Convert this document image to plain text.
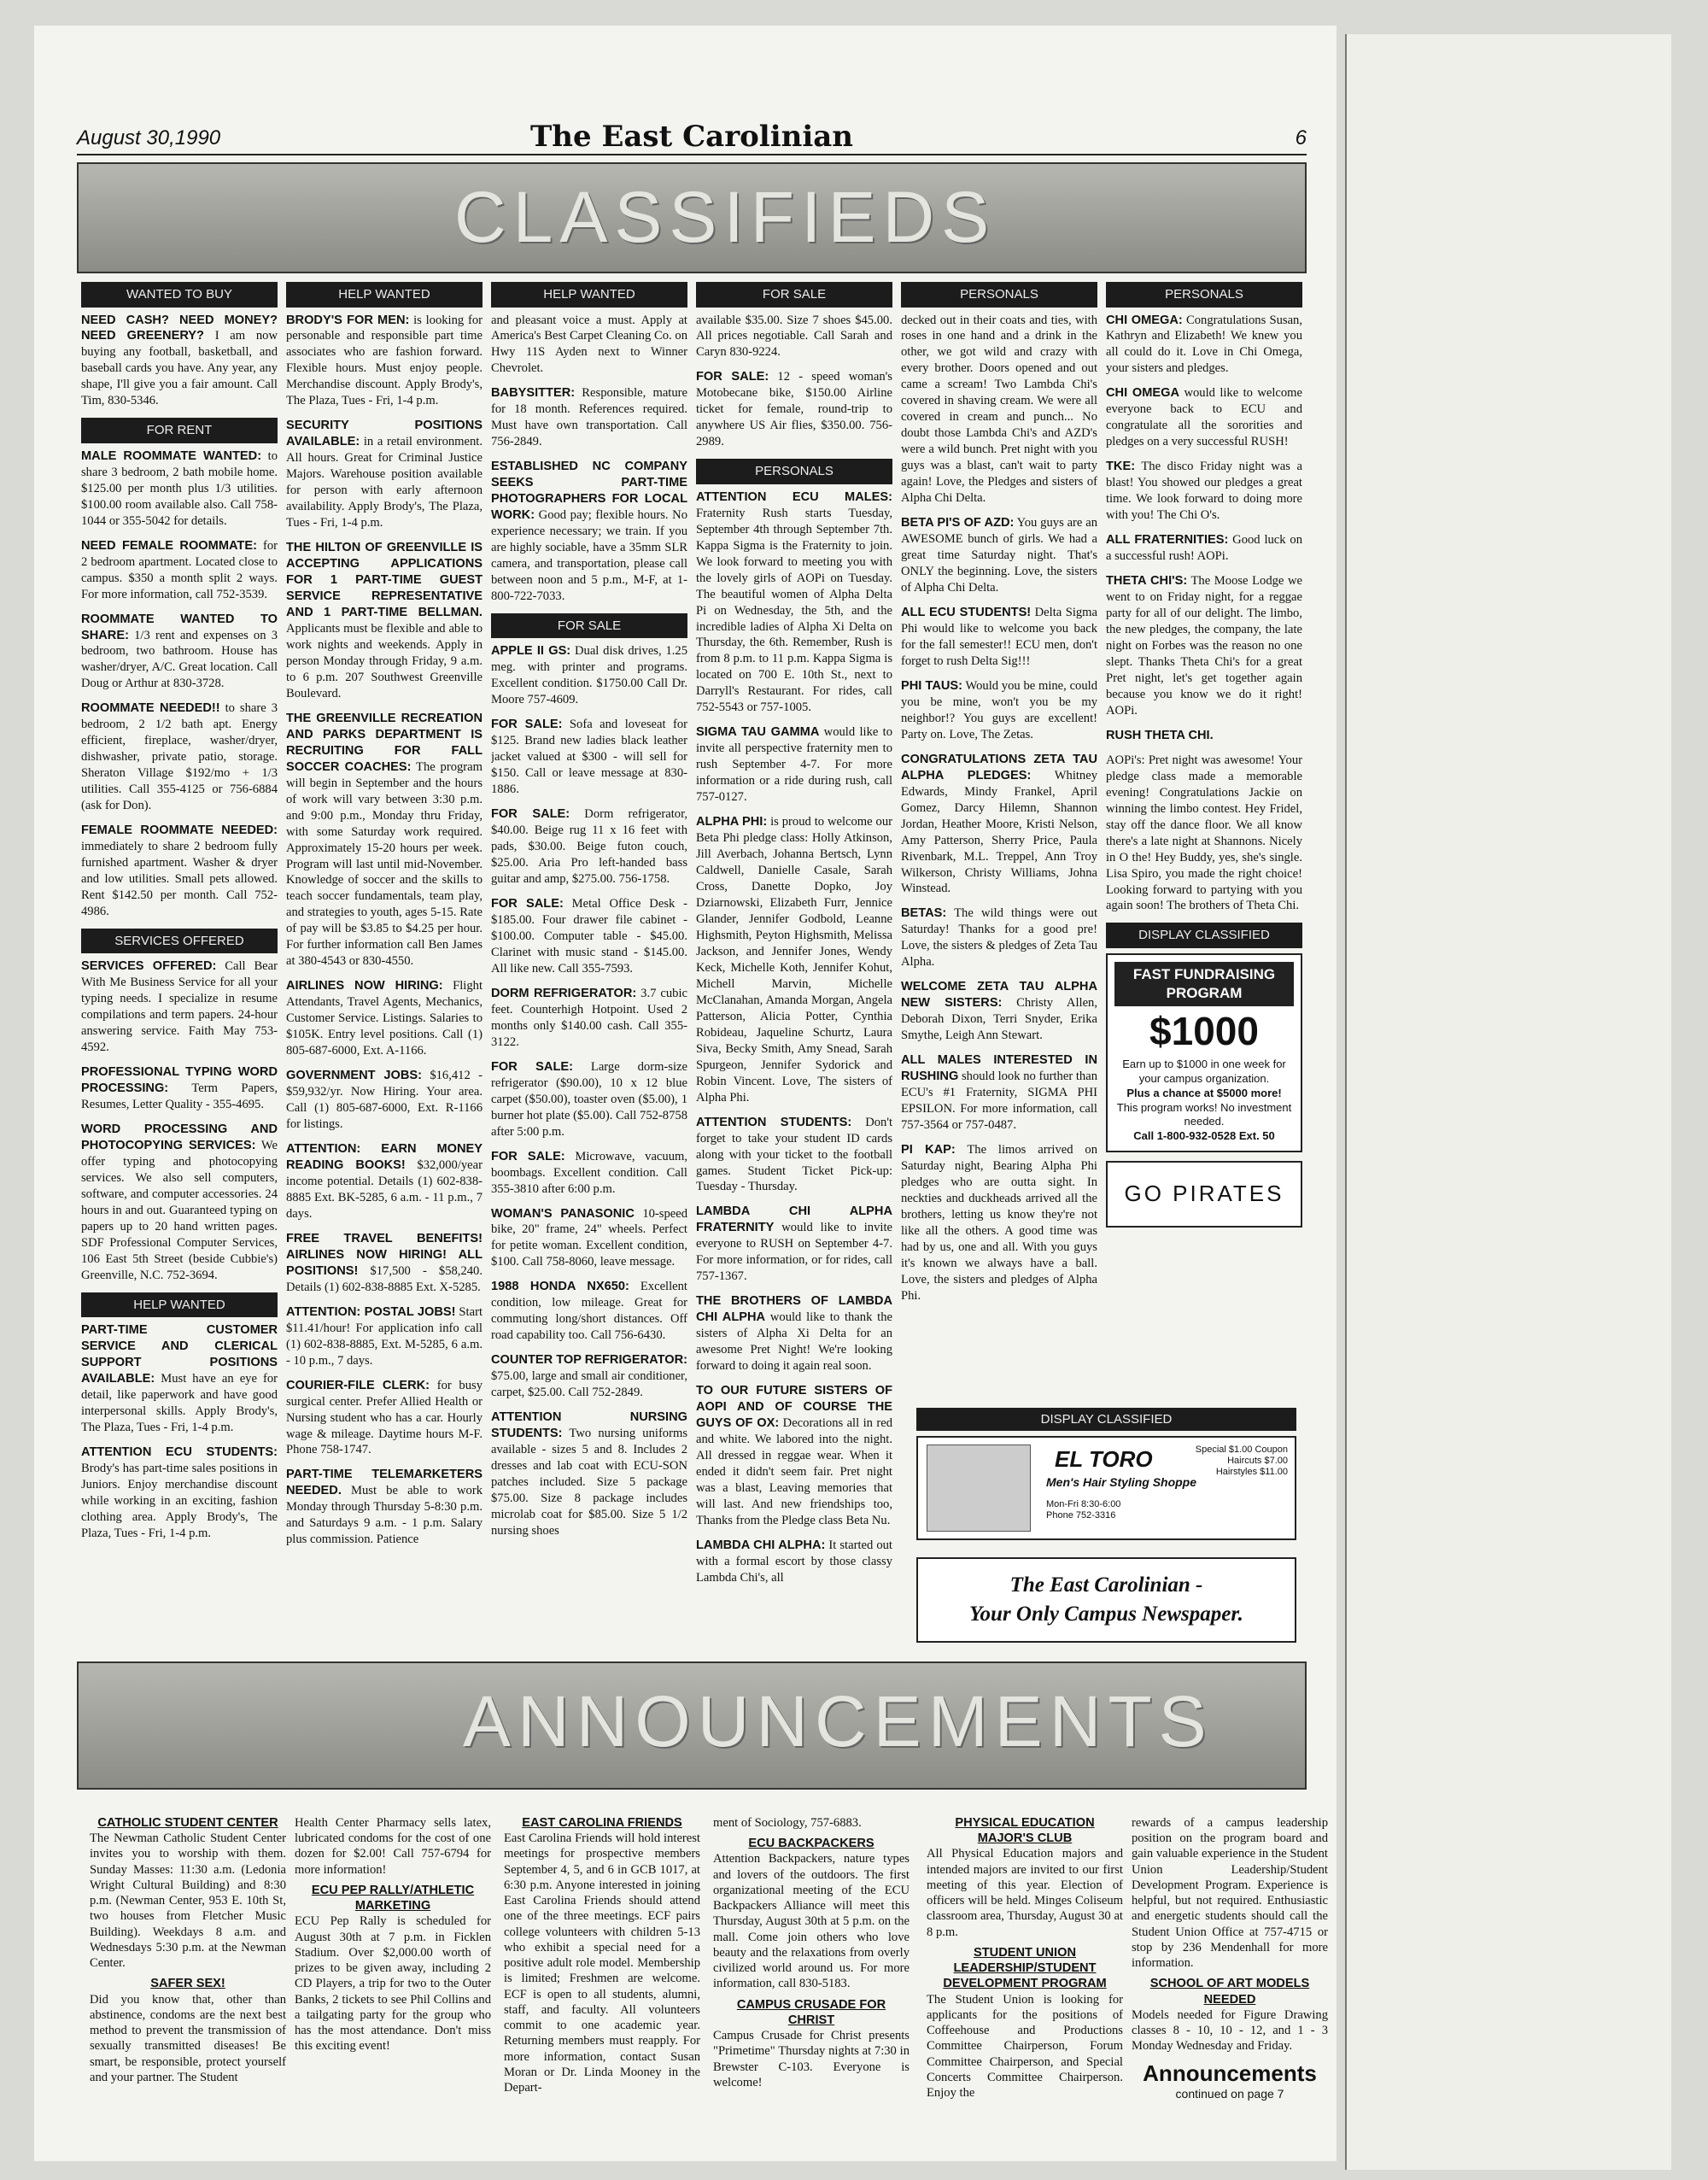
August 30,1990	The East Carolinian	6
CLASSIFIEDS
WANTED TO BUY

NEED CASH? NEED MONEY? NEED GREENERY? I am now buying any football, basketball, and baseball cards you have. Any year, any shape, I'll give you a fair amount. Call Tim, 830-5346.

FOR RENT

MALE ROOMMATE WANTED: to share 3 bedroom, 2 bath mobile home. $125.00 per month plus 1/3 utilities. $100.00 room available also. Call 758-1044 or 355-5042 for details.

NEED FEMALE ROOMMATE: for 2 bedroom apartment. Located close to campus. $350 a month split 2 ways. For more information, call 752-3539.

ROOMMATE WANTED TO SHARE: 1/3 rent and expenses on 3 bedroom, two bathroom. House has washer/dryer, A/C. Great location. Call Doug or Arthur at 830-3728.

ROOMMATE NEEDED!! to share 3 bedroom, 2 1/2 bath apt. Energy efficient, fireplace, washer/dryer, dishwasher, private patio, storage. Sheraton Village $192/mo + 1/3 utilities. Call 355-4125 or 756-6884 (ask for Don).

FEMALE ROOMMATE NEEDED: immediately to share 2 bedroom fully furnished apartment. Washer & dryer and low utilities. Small pets allowed. Rent $142.50 per month. Call 752-4986.

SERVICES OFFERED

SERVICES OFFERED: Call Bear With Me Business Service for all your typing needs. I specialize in resume compilations and term papers. 24-hour answering service. Faith May 753-4592.

PROFESSIONAL TYPING WORD PROCESSING: Term Papers, Resumes, Letter Quality - 355-4695.

WORD PROCESSING AND PHOTOCOPYING SERVICES: We offer typing and photocopying services. We also sell computers, software, and computer accessories. 24 hours in and out. Guaranteed typing on papers up to 20 hand written pages. SDF Professional Computer Services, 106 East 5th Street (beside Cubbie's) Greenville, N.C. 752-3694.

HELP WANTED

PART-TIME CUSTOMER SERVICE AND CLERICAL SUPPORT POSITIONS AVAILABLE: Must have an eye for detail, like paperwork and have good interpersonal skills. Apply Brody's, The Plaza, Tues - Fri, 1-4 p.m.

ATTENTION ECU STUDENTS: Brody's has part-time sales positions in Juniors. Enjoy merchandise discount while working in an exciting, fashion clothing area. Apply Brody's, The Plaza, Tues - Fri, 1-4 p.m.

HELP WANTED

BRODY'S FOR MEN: is looking for personable and responsible part time associates who are fashion forward. Flexible hours. Must enjoy people. Merchandise discount. Apply Brody's, The Plaza, Tues - Fri, 1-4 p.m.

SECURITY POSITIONS AVAILABLE: in a retail environment. All hours. Great for Criminal Justice Majors. Warehouse position available for person with early afternoon availability. Apply Brody's, The Plaza, Tues - Fri, 1-4 p.m.

THE HILTON OF GREENVILLE IS ACCEPTING APPLICATIONS FOR 1 PART-TIME GUEST SERVICE REPRESENTATIVE AND 1 PART-TIME BELLMAN. Applicants must be flexible and able to work nights and weekends. Apply in person Monday through Friday, 9 a.m. to 6 p.m. 207 Southwest Greenville Boulevard.

THE GREENVILLE RECREATION AND PARKS DEPARTMENT IS RECRUITING FOR FALL SOCCER COACHES: The program will begin in September and the hours of work will vary between 3:30 p.m. and 9:00 p.m., Monday thru Friday, with some Saturday work required. Approximately 15-20 hours per week. Program will last until mid-November. Knowledge of soccer and the skills to teach soccer fundamentals, team play, and strategies to youth, ages 5-15. Rate of pay will be $3.85 to $4.25 per hour. For further information call Ben James at 380-4543 or 830-4550.

AIRLINES NOW HIRING: Flight Attendants, Travel Agents, Mechanics, Customer Service. Listings. Salaries to $105K. Entry level positions. Call (1) 805-687-6000, Ext. A-1166.

GOVERNMENT JOBS: $16,412 - $59,932/yr. Now Hiring. Your area. Call (1) 805-687-6000, Ext. R-1166 for listings.

ATTENTION: EARN MONEY READING BOOKS! $32,000/year income potential. Details (1) 602-838-8885 Ext. BK-5285, 6 a.m. - 11 p.m., 7 days.

FREE TRAVEL BENEFITS! AIRLINES NOW HIRING! ALL POSITIONS! $17,500 - $58,240. Details (1) 602-838-8885 Ext. X-5285.

ATTENTION: POSTAL JOBS! Start $11.41/hour! For application info call (1) 602-838-8885, Ext. M-5285, 6 a.m. - 10 p.m., 7 days.

COURIER-FILE CLERK: for busy surgical center. Prefer Allied Health or Nursing student who has a car. Hourly wage & mileage. Daytime hours M-F. Phone 758-1747.

PART-TIME TELEMARKETERS NEEDED. Must be able to work Monday through Thursday 5-8:30 p.m. and Saturdays 9 a.m. - 1 p.m. Salary plus commission. Patience

HELP WANTED

and pleasant voice a must. Apply at America's Best Carpet Cleaning Co. on Hwy 11S Ayden next to Winner Chevrolet.

BABYSITTER: Responsible, mature for 18 month. References required. Must have own transportation. Call 756-2849.

ESTABLISHED NC COMPANY SEEKS PART-TIME PHOTOGRAPHERS FOR LOCAL WORK: Good pay; flexible hours. No experience necessary; we train. If you are highly sociable, have a 35mm SLR camera, and transportation, please call between noon and 5 p.m., M-F, at 1-800-722-7033.

FOR SALE

APPLE II GS: Dual disk drives, 1.25 meg. with printer and programs. Excellent condition. $1750.00 Call Dr. Moore 757-4609.

FOR SALE: Sofa and loveseat for $125. Brand new ladies black leather jacket valued at $300 - will sell for $150. Call or leave message at 830-1886.

FOR SALE: Dorm refrigerator, $40.00. Beige rug 11 x 16 feet with pads, $30.00. Beige futon couch, $25.00. Aria Pro left-handed bass guitar and amp, $275.00. 756-1758.

FOR SALE: Metal Office Desk - $185.00. Four drawer file cabinet - $100.00. Computer table - $45.00. Clarinet with music stand - $145.00. All like new. Call 355-7593.

DORM REFRIGERATOR: 3.7 cubic feet. Counterhigh Hotpoint. Used 2 months only $140.00 cash. Call 355-3122.

FOR SALE: Large dorm-size refrigerator ($90.00), 10 x 12 blue carpet ($50.00), toaster oven ($5.00), 1 burner hot plate ($5.00). Call 752-8758 after 5:00 p.m.

FOR SALE: Microwave, vacuum, boombags. Excellent condition. Call 355-3810 after 6:00 p.m.

WOMAN'S PANASONIC 10-speed bike, 20" frame, 24" wheels. Perfect for petite woman. Excellent condition, $100. Call 758-8060, leave message.

1988 HONDA NX650: Excellent condition, low mileage. Great for commuting long/short distances. Off road capability too. Call 756-6430.

COUNTER TOP REFRIGERATOR: $75.00, large and small air conditioner, carpet, $25.00. Call 752-2849.

ATTENTION NURSING STUDENTS: Two nursing uniforms available - sizes 5 and 8. Includes 2 dresses and lab coat with ECU-SON patches included. Size 5 package $75.00. Size 8 package includes microlab coat for $85.00. Size 5 1/2 nursing shoes

FOR SALE

available $35.00. Size 7 shoes $45.00. All prices negotiable. Call Sarah and Caryn 830-9224.

FOR SALE: 12 - speed woman's Motobecane bike, $150.00 Airline ticket for female, round-trip to anywhere US Air flies, $350.00. 756-2989.

PERSONALS

ATTENTION ECU MALES: Fraternity Rush starts Tuesday, September 4th through September 7th. Kappa Sigma is the Fraternity to join. We look forward to meeting you with the lovely girls of AOPi on Tuesday. The beautiful women of Alpha Delta Pi on Wednesday, the 5th, and the incredible ladies of Alpha Xi Delta on Thursday, the 6th. Remember, Rush is from 8 p.m. to 11 p.m. Kappa Sigma is located on 700 E. 10th St., next to Darryll's Restaurant. For rides, call 752-5543 or 757-1005.

SIGMA TAU GAMMA would like to invite all perspective fraternity men to rush September 4-7. For more information or a ride during rush, call 757-0127.

ALPHA PHI: is proud to welcome our Beta Phi pledge class: Holly Atkinson, Jill Averbach, Johanna Bertsch, Lynn Caldwell, Danielle Casale, Sarah Cross, Danette Dopko, Joy Dziarnowski, Elizabeth Furr, Jennice Glander, Jennifer Godbold, Leanne Highsmith, Peyton Highsmith, Melissa Jackson, and Jennifer Jones, Wendy Keck, Michelle Koth, Jennifer Kohut, Michell Marvin, Michelle McClanahan, Amanda Morgan, Angela Patterson, Alicia Potter, Cynthia Robideau, Jaqueline Schurtz, Laura Siva, Becky Smith, Amy Snead, Sarah Spurgeon, Jennifer Sydorick and Robin Vincent. Love, The sisters of Alpha Phi.

ATTENTION STUDENTS: Don't forget to take your student ID cards along with your ticket to the football games. Student Ticket Pick-up: Tuesday - Thursday.

LAMBDA CHI ALPHA FRATERNITY would like to invite everyone to RUSH on September 4-7. For more information, or for rides, call 757-1367.

THE BROTHERS OF LAMBDA CHI ALPHA would like to thank the sisters of Alpha Xi Delta for an awesome Pret Night! We're looking forward to doing it again real soon.

TO OUR FUTURE SISTERS OF AOPI AND OF COURSE THE GUYS OF OX: Decorations all in red and white. We labored into the night. All dressed in reggae wear. When it ended it didn't seem fair. Pret night was a blast, Leaving memories that will last. And new friendships too, Thanks from the Pledge class Beta Nu.

LAMBDA CHI ALPHA: It started out with a formal escort by those classy Lambda Chi's, all

PERSONALS

decked out in their coats and ties, with roses in one hand and a drink in the other, we got wild and crazy with every brother. Doors opened and out came a scream! Two Lambda Chi's covered in shaving cream. We were all covered in cream and punch... No doubt those Lambda Chi's and AZD's were a wild bunch. Pret night with you guys was a blast, can't wait to party again! Love, the Pledges and sisters of Alpha Chi Delta.

BETA PI'S OF AZD: You guys are an AWESOME bunch of girls. We had a great time Saturday night. That's ONLY the beginning. Love, the sisters of Alpha Chi Delta.

ALL ECU STUDENTS! Delta Sigma Phi would like to welcome you back for the fall semester!! ECU men, don't forget to rush Delta Sig!!!

PHI TAUS: Would you be mine, could you be mine, won't you be my neighbor!? You guys are excellent! Party on. Love, The Zetas.

CONGRATULATIONS ZETA TAU ALPHA PLEDGES: Whitney Edwards, Mindy Frankel, April Gomez, Darcy Hilemn, Shannon Jordan, Heather Moore, Kristi Nelson, Amy Patterson, Sherry Price, Paula Rivenbark, M.L. Treppel, Ann Troy Wilkerson, Christy Williams, Johna Winstead.

BETAS: The wild things were out Saturday! Thanks for a good pre! Love, the sisters & pledges of Zeta Tau Alpha.

WELCOME ZETA TAU ALPHA NEW SISTERS: Christy Allen, Deborah Dixon, Terri Snyder, Erika Smythe, Leigh Ann Stewart.

ALL MALES INTERESTED IN RUSHING should look no further than ECU's #1 Fraternity, SIGMA PHI EPSILON. For more information, call 757-3564 or 757-0487.

PI KAP: The limos arrived on Saturday night, Bearing Alpha Phi pledges who are outta sight. In neckties and duckheads arrived all the brothers, letting us know they're not like all the others. A good time was had by us, one and all. With you guys it's known we always have a ball. Love, the sisters and pledges of Alpha Phi.

PERSONALS

CHI OMEGA: Congratulations Susan, Kathryn and Elizabeth! We knew you all could do it. Love in Chi Omega, your sisters and pledges.

CHI OMEGA would like to welcome everyone back to ECU and congratulate all the sororities and pledges on a very successful RUSH!

TKE: The disco Friday night was a blast! You showed our pledges a great time. We look forward to doing more with you! The Chi O's.

ALL FRATERNITIES: Good luck on a successful rush! AOPi.

THETA CHI'S: The Moose Lodge we went to on Friday night, for a reggae party for all of our delight. The limbo, the new pledges, the company, the late night on Forbes was the reason no one slept. Thanks Theta Chi's for a great Pret night, let's get together again because you know we do it right! AOPi.

RUSH THETA CHI.

AOPi's: Pret night was awesome! Your pledge class made a memorable evening! Congratulations Jackie on winning the limbo contest. Hey Fridel, stay off the dance floor. We all know there's a late night at Shannons. Nicely in O the! Hey Buddy, yes, she's single. Lisa Spiro, you made the right choice! Looking forward to partying with you again soon! The brothers of Theta Chi.

DISPLAY CLASSIFIED
FAST FUNDRAISING PROGRAM
$1000
Earn up to $1000 in one week for your campus organization.
Plus a chance at $5000 more!
This program works! No investment needed.
Call 1-800-932-0528 Ext. 50
GO PIRATES
DISPLAY CLASSIFIED
EL TORO
Men's Hair Styling Shoppe
Special $1.00 Coupon
Haircuts $7.00
Hairstyles $11.00
Mon-Fri 8:30-6:00
Phone 752-3316
The East Carolinian -
Your Only Campus Newspaper.
ANNOUNCEMENTS

CATHOLIC STUDENT CENTER
The Newman Catholic Student Center invites you to worship with them. Sunday Masses: 11:30 a.m. (Ledonia Wright Cultural Building) and 8:30 p.m. (Newman Center, 953 E. 10th St, two houses from Fletcher Music Building). Weekdays 8 a.m. and Wednesdays 5:30 p.m. at the Newman Center.

SAFER SEX!
Did you know that, other than abstinence, condoms are the next best method to prevent the transmission of sexually transmitted diseases! Be smart, be responsible, protect yourself and your partner. The Student

Health Center Pharmacy sells latex, lubricated condoms for the cost of one dozen for $2.00! Call 757-6794 for more information!

ECU PEP RALLY/ATHLETIC MARKETING
ECU Pep Rally is scheduled for August 30th at 7 p.m. in Ficklen Stadium. Over $2,000.00 worth of prizes to be given away, including 2 CD Players, a trip for two to the Outer Banks, 2 tickets to see Phil Collins and a tailgating party for the group who has the most attendance. Don't miss this exciting event!

EAST CAROLINA FRIENDS
East Carolina Friends will hold interest meetings for prospective members September 4, 5, and 6 in GCB 1017, at 6:30 p.m. Anyone interested in joining East Carolina Friends should attend one of the three meetings. ECF pairs college volunteers with children 5-13 who exhibit a special need for a positive adult role model. Membership is limited; Freshmen are welcome. ECF is open to all students, alumni, staff, and faculty. All volunteers commit to one academic year. Returning members must reapply. For more information, contact Susan Moran or Dr. Linda Mooney in the Depart-

ment of Sociology, 757-6883.

ECU BACKPACKERS
Attention Backpackers, nature types and lovers of the outdoors. The first organizational meeting of the ECU Backpackers Alliance will meet this Thursday, August 30th at 5 p.m. on the mall. Come join others who love beauty and the relaxations from overly civilized world around us. For more information, call 830-5183.

CAMPUS CRUSADE FOR CHRIST
Campus Crusade for Christ presents "Primetime" Thursday nights at 7:30 in Brewster C-103. Everyone is welcome!

PHYSICAL EDUCATION MAJOR'S CLUB
All Physical Education majors and intended majors are invited to our first meeting of this year. Election of officers will be held. Minges Coliseum classroom area, Thursday, August 30 at 8 p.m.

STUDENT UNION LEADERSHIP/STUDENT DEVELOPMENT PROGRAM
The Student Union is looking for applicants for the positions of Coffeehouse and Productions Committee Chairperson, Forum Committee Chairperson, and Special Concerts Committee Chairperson. Enjoy the

rewards of a campus leadership position on the program board and gain valuable experience in the Student Union Leadership/Student Development Program. Experience is helpful, but not required. Enthusiastic and energetic students should call the Student Union Office at 757-4715 or stop by 236 Mendenhall for more information.

SCHOOL OF ART MODELS NEEDED
Models needed for Figure Drawing classes 8 - 10, 10 - 12, and 1 - 3 Monday Wednesday and Friday.

Announcements
continued on page 7
